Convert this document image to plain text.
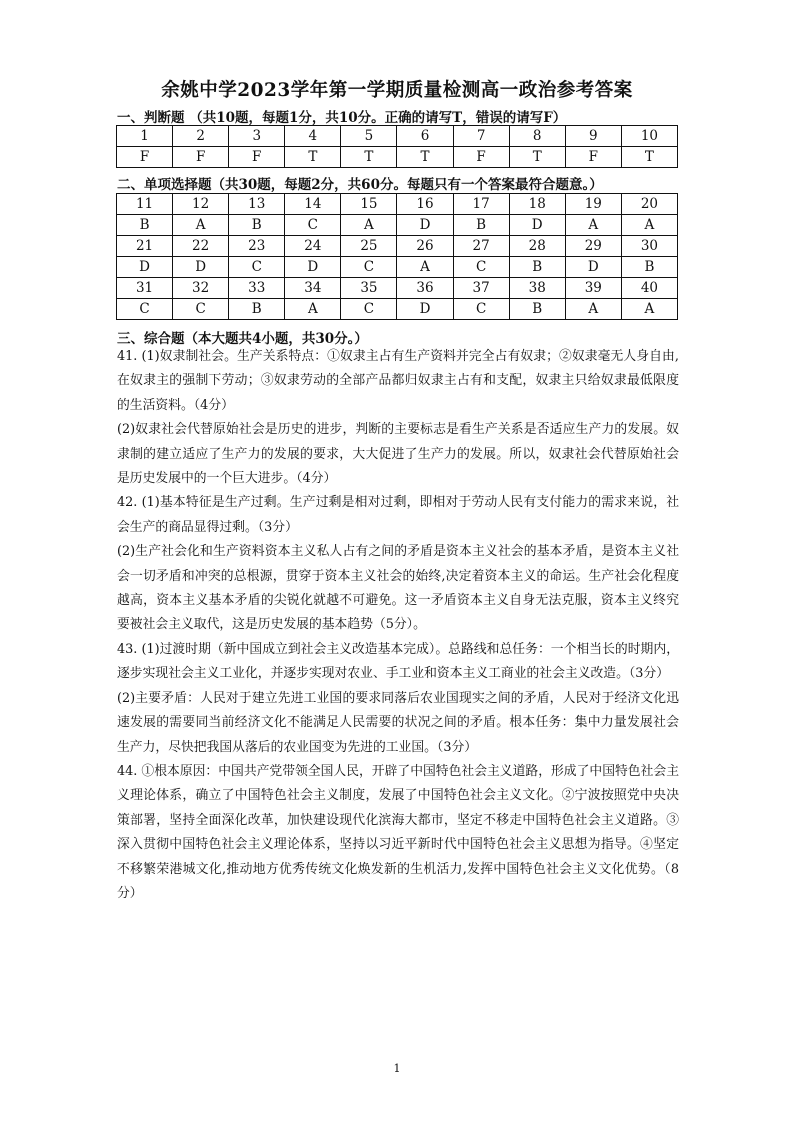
余姚中学2023学年第一学期质量检测高一政治参考答案
一、判断题 （共10题，每题1分，共10分。正确的请写T，错误的请写F）
1	2	3	4	5	6	7	8	9	10
F	F	F	T	T	T	F	T	F	T
二、单项选择题（共30题，每题2分，共60分。每题只有一个答案最符合题意。）
11	12	13	14	15	16	17	18	19	20
B	A	B	C	A	D	B	D	A	A
21	22	23	24	25	26	27	28	29	30
D	D	C	D	C	A	C	B	D	B
31	32	33	34	35	36	37	38	39	40
C	C	B	A	C	D	C	B	A	A
三、综合题（本大题共4小题，共30分。）

41. (1)奴隶制社会。生产关系特点：①奴隶主占有生产资料并完全占有奴隶；②奴隶毫无人身自由,在奴隶主的强制下劳动；③奴隶劳动的全部产品都归奴隶主占有和支配，奴隶主只给奴隶最低限度的生活资料。（4分）

(2)奴隶社会代替原始社会是历史的进步，判断的主要标志是看生产关系是否适应生产力的发展。奴隶制的建立适应了生产力的发展的要求，大大促进了生产力的发展。所以，奴隶社会代替原始社会是历史发展中的一个巨大进步。（4分）

42. (1)基本特征是生产过剩。生产过剩是相对过剩，即相对于劳动人民有支付能力的需求来说，社会生产的商品显得过剩。（3分）

(2)生产社会化和生产资料资本主义私人占有之间的矛盾是资本主义社会的基本矛盾，是资本主义社会一切矛盾和冲突的总根源，贯穿于资本主义社会的始终,决定着资本主义的命运。生产社会化程度越高，资本主义基本矛盾的尖锐化就越不可避免。这一矛盾资本主义自身无法克服，资本主义终究要被社会主义取代，这是历史发展的基本趋势（5分）。

43. (1)过渡时期（新中国成立到社会主义改造基本完成）。总路线和总任务：一个相当长的时期内，逐步实现社会主义工业化，并逐步实现对农业、手工业和资本主义工商业的社会主义改造。（3分）

(2)主要矛盾：人民对于建立先进工业国的要求同落后农业国现实之间的矛盾，人民对于经济文化迅速发展的需要同当前经济文化不能满足人民需要的状况之间的矛盾。根本任务：集中力量发展社会生产力，尽快把我国从落后的农业国变为先进的工业国。（3分）

44. ①根本原因：中国共产党带领全国人民，开辟了中国特色社会主义道路，形成了中国特色社会主义理论体系，确立了中国特色社会主义制度，发展了中国特色社会主义文化。②宁波按照党中央决策部署，坚持全面深化改革，加快建设现代化滨海大都市，坚定不移走中国特色社会主义道路。③深入贯彻中国特色社会主义理论体系，坚持以习近平新时代中国特色社会主义思想为指导。④坚定不移繁荣港城文化,推动地方优秀传统文化焕发新的生机活力,发挥中国特色社会主义文化优势。（8分）

1
